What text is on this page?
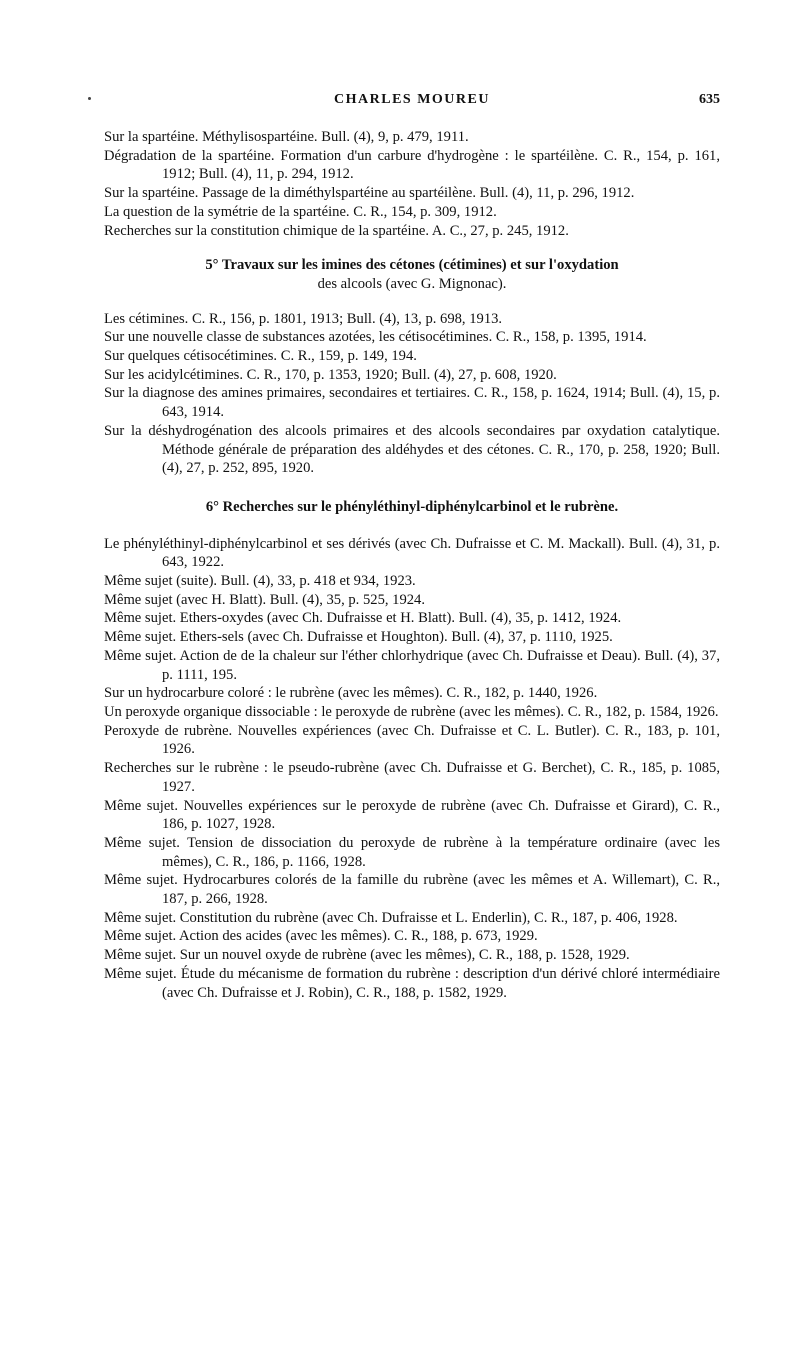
CHARLES MOUREU	635

Sur la spartéine. Méthylisospartéine. Bull. (4), 9, p. 479, 1911.

Dégradation de la spartéine. Formation d'un carbure d'hydrogène : le spartéilène. C. R., 154, p. 161, 1912; Bull. (4), 11, p. 294, 1912.

Sur la spartéine. Passage de la diméthylspartéine au spartéilène. Bull. (4), 11, p. 296, 1912.

La question de la symétrie de la spartéine. C. R., 154, p. 309, 1912.

Recherches sur la constitution chimique de la spartéine. A. C., 27, p. 245, 1912.

5° Travaux sur les imines des cétones (cétimines) et sur l'oxydation
des alcools (avec G. Mignonac).

Les cétimines. C. R., 156, p. 1801, 1913; Bull. (4), 13, p. 698, 1913.

Sur une nouvelle classe de substances azotées, les cétisocétimines. C. R., 158, p. 1395, 1914.

Sur quelques cétisocétimines. C. R., 159, p. 149, 194.

Sur les acidylcétimines. C. R., 170, p. 1353, 1920; Bull. (4), 27, p. 608, 1920.

Sur la diagnose des amines primaires, secondaires et tertiaires. C. R., 158, p. 1624, 1914; Bull. (4), 15, p. 643, 1914.

Sur la déshydrogénation des alcools primaires et des alcools secondaires par oxydation catalytique. Méthode générale de préparation des aldéhydes et des cétones. C. R., 170, p. 258, 1920; Bull. (4), 27, p. 252, 895, 1920.

6° Recherches sur le phényléthinyl-diphénylcarbinol et le rubrène.

Le phényléthinyl-diphénylcarbinol et ses dérivés (avec Ch. Dufraisse et C. M. Mackall). Bull. (4), 31, p. 643, 1922.

Même sujet (suite). Bull. (4), 33, p. 418 et 934, 1923.

Même sujet (avec H. Blatt). Bull. (4), 35, p. 525, 1924.

Même sujet. Ethers-oxydes (avec Ch. Dufraisse et H. Blatt). Bull. (4), 35, p. 1412, 1924.

Même sujet. Ethers-sels (avec Ch. Dufraisse et Houghton). Bull. (4), 37, p. 1110, 1925.

Même sujet. Action de de la chaleur sur l'éther chlorhydrique (avec Ch. Dufraisse et Deau). Bull. (4), 37, p. 1111, 195.

Sur un hydrocarbure coloré : le rubrène (avec les mêmes). C. R., 182, p. 1440, 1926.

Un peroxyde organique dissociable : le peroxyde de rubrène (avec les mêmes). C. R., 182, p. 1584, 1926.

Peroxyde de rubrène. Nouvelles expériences (avec Ch. Dufraisse et C. L. Butler). C. R., 183, p. 101, 1926.

Recherches sur le rubrène : le pseudo-rubrène (avec Ch. Dufraisse et G. Berchet), C. R., 185, p. 1085, 1927.

Même sujet. Nouvelles expériences sur le peroxyde de rubrène (avec Ch. Dufraisse et Girard), C. R., 186, p. 1027, 1928.

Même sujet. Tension de dissociation du peroxyde de rubrène à la température ordinaire (avec les mêmes), C. R., 186, p. 1166, 1928.

Même sujet. Hydrocarbures colorés de la famille du rubrène (avec les mêmes et A. Willemart), C. R., 187, p. 266, 1928.

Même sujet. Constitution du rubrène (avec Ch. Dufraisse et L. Enderlin), C. R., 187, p. 406, 1928.

Même sujet. Action des acides (avec les mêmes). C. R., 188, p. 673, 1929.

Même sujet. Sur un nouvel oxyde de rubrène (avec les mêmes), C. R., 188, p. 1528, 1929.

Même sujet. Étude du mécanisme de formation du rubrène : description d'un dérivé chloré intermédiaire (avec Ch. Dufraisse et J. Robin), C. R., 188, p. 1582, 1929.
